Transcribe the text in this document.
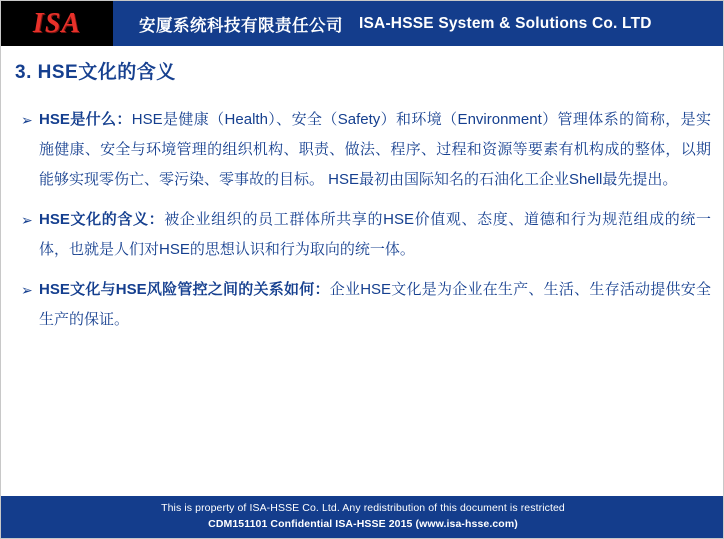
ISA	安厦系统科技有限责任公司 ISA-HSSE System & Solutions Co. LTD
3. HSE文化的含义
➢ HSE是什么：HSE是健康（Health）、安全（Safety）和环境（Environment）管理体系的简称，是实施健康、安全与环境管理的组织机构、职责、做法、程序、过程和资源等要素有机构成的整体，以期能够实现零伤亡、零污染、零事故的目标。 HSE最初由国际知名的石油化工企业Shell最先提出。
➢ HSE文化的含义：被企业组织的员工群体所共享的HSE价值观、态度、道德和行为规范组成的统一体，也就是人们对HSE的思想认识和行为取向的统一体。
➢ HSE文化与HSE风险管控之间的关系如何：企业HSE文化是为企业在生产、生活、生存活动提供安全生产的保证。
This is property of ISA-HSSE Co. Ltd. Any redistribution of this document is restricted
CDM151101 Confidential ISA-HSSE 2015 (www.isa-hsse.com)
